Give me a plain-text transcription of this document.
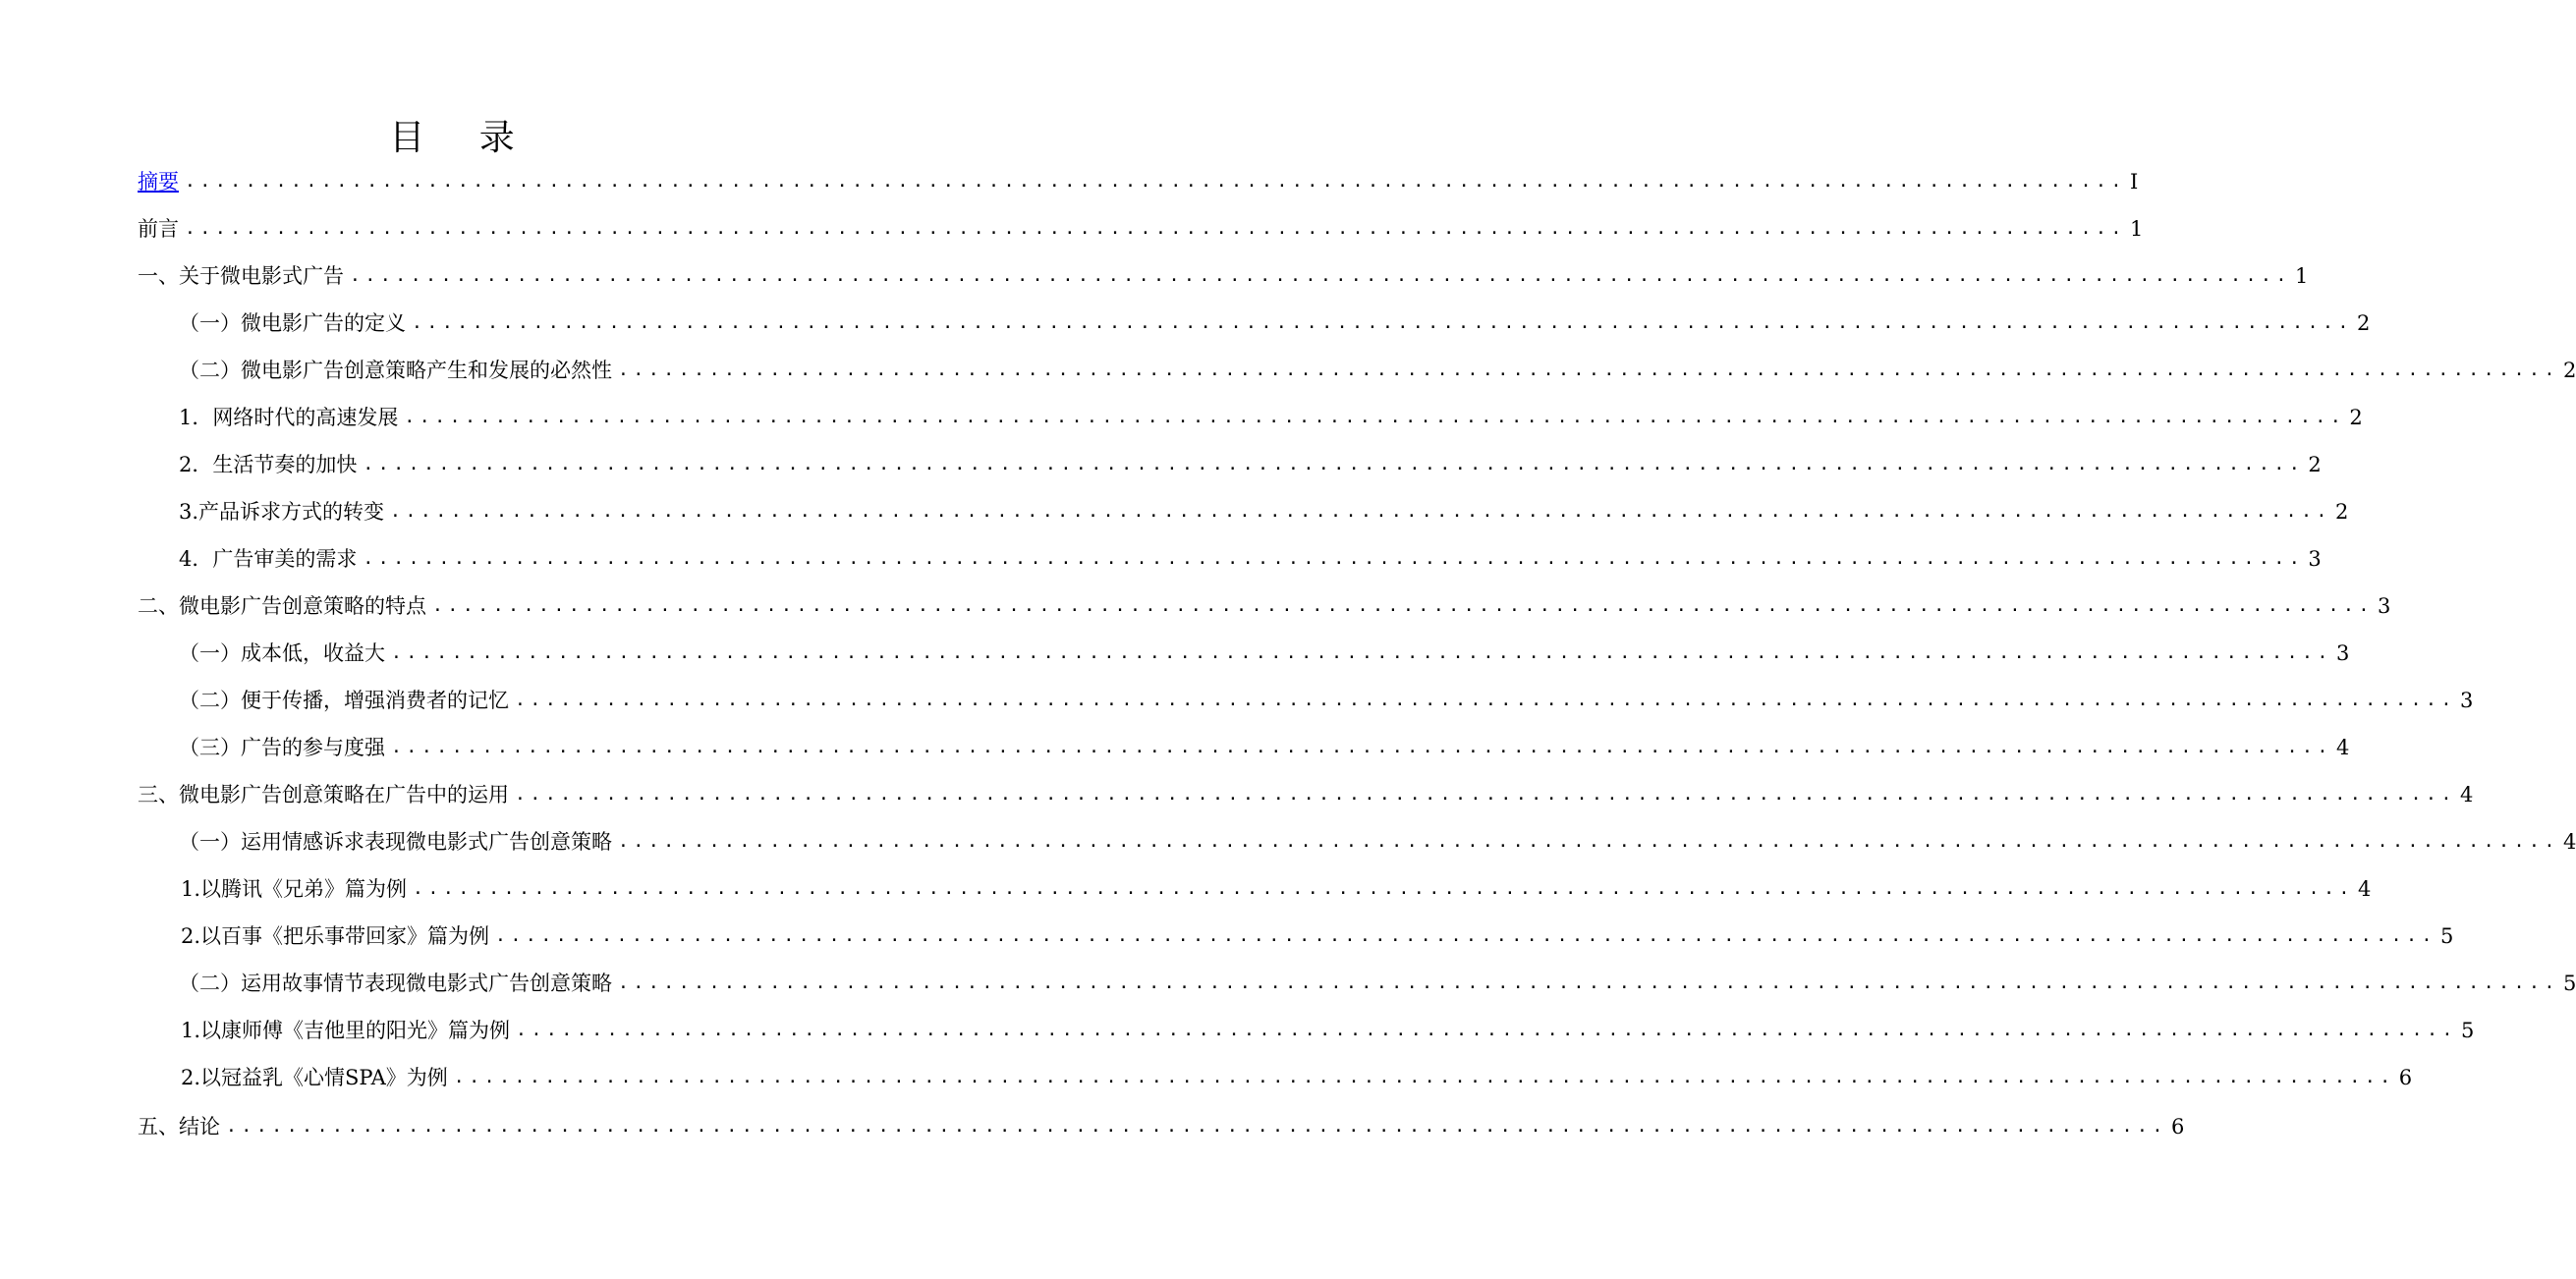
目 录
摘要 ................................................................................................................................ I
前言 ................................................................................................................................ 1
一、关于微电影式广告 ................................................................................................................................ 1
（一）微电影广告的定义 ................................................................................................................................ 2
（二）微电影广告创意策略产生和发展的必然性 ................................................................................................................................ 2
1．网络时代的高速发展 ................................................................................................................................ 2
2．生活节奏的加快 ................................................................................................................................ 2
3.产品诉求方式的转变 ................................................................................................................................ 2
4．广告审美的需求 ................................................................................................................................ 3
二、微电影广告创意策略的特点 ................................................................................................................................ 3
（一）成本低，收益大 ................................................................................................................................ 3
（二）便于传播，增强消费者的记忆 ................................................................................................................................ 3
（三）广告的参与度强 ................................................................................................................................ 4
三、微电影广告创意策略在广告中的运用 ................................................................................................................................ 4
（一）运用情感诉求表现微电影式广告创意策略 ................................................................................................................................ 4
1.以腾讯《兄弟》篇为例 ................................................................................................................................ 4
2.以百事《把乐事带回家》篇为例 ................................................................................................................................ 5
（二）运用故事情节表现微电影式广告创意策略 ................................................................................................................................ 5
1.以康师傅《吉他里的阳光》篇为例 ................................................................................................................................ 5
2.以冠益乳《心情SPA》为例 ................................................................................................................................ 6
五、结论 ................................................................................................................................ 6
